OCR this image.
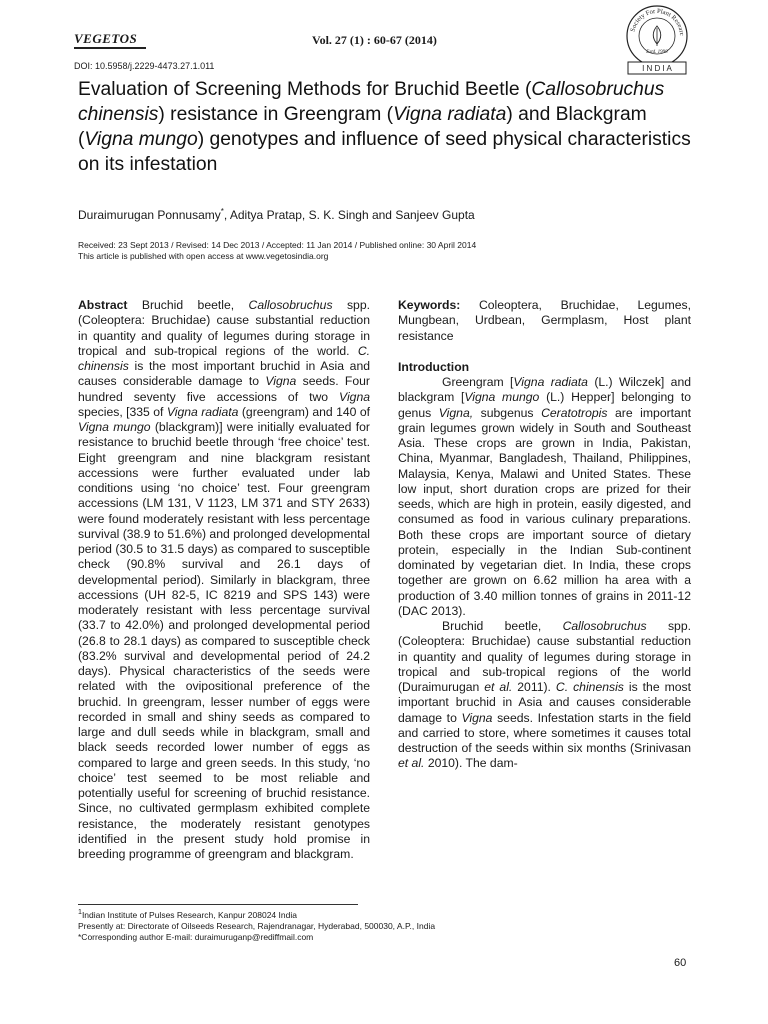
VEGETOS	Vol. 27 (1) : 60-67 (2014)
DOI: 10.5958/j.2229-4473.27.1.011
Society For Plant Researc
Estd. 1998
I N D I A
Evaluation of Screening Methods for Bruchid Beetle (Callosobruchus chinensis) resistance in Greengram (Vigna radiata) and Blackgram (Vigna mungo) genotypes and influence of seed physical characteristics on its infestation
Duraimurugan Ponnusamy*, Aditya Pratap, S. K. Singh and Sanjeev Gupta
Received: 23 Sept 2013 / Revised: 14 Dec 2013 / Accepted: 11 Jan 2014 / Published online: 30 April 2014
This article is published with open access at www.vegetosindia.org

Abstract Bruchid beetle, Callosobruchus spp. (Coleoptera: Bruchidae) cause substantial reduction in quantity and quality of legumes during storage in tropical and sub-tropical regions of the world. C. chinensis is the most important bruchid in Asia and causes considerable damage to Vigna seeds. Four hundred seventy five accessions of two Vigna species, [335 of Vigna radiata (greengram) and 140 of Vigna mungo (blackgram)] were initially evaluated for resistance to bruchid beetle through ‘free choice’ test. Eight greengram and nine blackgram resistant accessions were further evaluated under lab conditions using ‘no choice’ test. Four greengram accessions (LM 131, V 1123, LM 371 and STY 2633) were found moderately resistant with less percentage survival (38.9 to 51.6%) and prolonged developmental period (30.5 to 31.5 days) as compared to susceptible check (90.8% survival and 26.1 days of developmental period). Similarly in blackgram, three accessions (UH 82-5, IC 8219 and SPS 143) were moderately resistant with less percentage survival (33.7 to 42.0%) and prolonged developmental period (26.8 to 28.1 days) as compared to susceptible check (83.2% survival and developmental period of 24.2 days). Physical characteristics of the seeds were related with the ovipositional preference of the bruchid. In greengram, lesser number of eggs were recorded in small and shiny seeds as compared to large and dull seeds while in blackgram, small and black seeds recorded lower number of eggs as compared to large and green seeds. In this study, ‘no choice’ test seemed to be most reliable and potentially useful for screening of bruchid resistance. Since, no cultivated germplasm exhibited complete resistance, the moderately resistant genotypes identified in the present study hold promise in breeding programme of greengram and blackgram.

Keywords: Coleoptera, Bruchidae, Legumes, Mungbean, Urdbean, Germplasm, Host plant resistance

Introduction

Greengram [Vigna radiata (L.) Wilczek] and blackgram [Vigna mungo (L.) Hepper] belonging to genus Vigna, subgenus Ceratotropis are important grain legumes grown widely in South and Southeast Asia. These crops are grown in India, Pakistan, China, Myanmar, Bangladesh, Thailand, Philippines, Malaysia, Kenya, Malawi and United States. These low input, short duration crops are prized for their seeds, which are high in protein, easily digested, and consumed as food in various culinary preparations. Both these crops are important source of dietary protein, especially in the Indian Sub-continent dominated by vegetarian diet. In India, these crops together are grown on 6.62 million ha area with a production of 3.40 million tonnes of grains in 2011-12 (DAC 2013).

Bruchid beetle, Callosobruchus spp. (Coleoptera: Bruchidae) cause substantial reduction in quantity and quality of legumes during storage in tropical and sub-tropical regions of the world (Duraimurugan et al. 2011). C. chinensis is the most important bruchid in Asia and causes considerable damage to Vigna seeds. Infestation starts in the field and carried to store, where sometimes it causes total destruction of the seeds within six months (Srinivasan et al. 2010). The dam-

$^1$Indian Institute of Pulses Research, Kanpur 208024 India
Presently at: Directorate of Oilseeds Research, Rajendranagar, Hyderabad, 500030, A.P., India
*Corresponding author E-mail: duraimuruganp@rediffmail.com
60
